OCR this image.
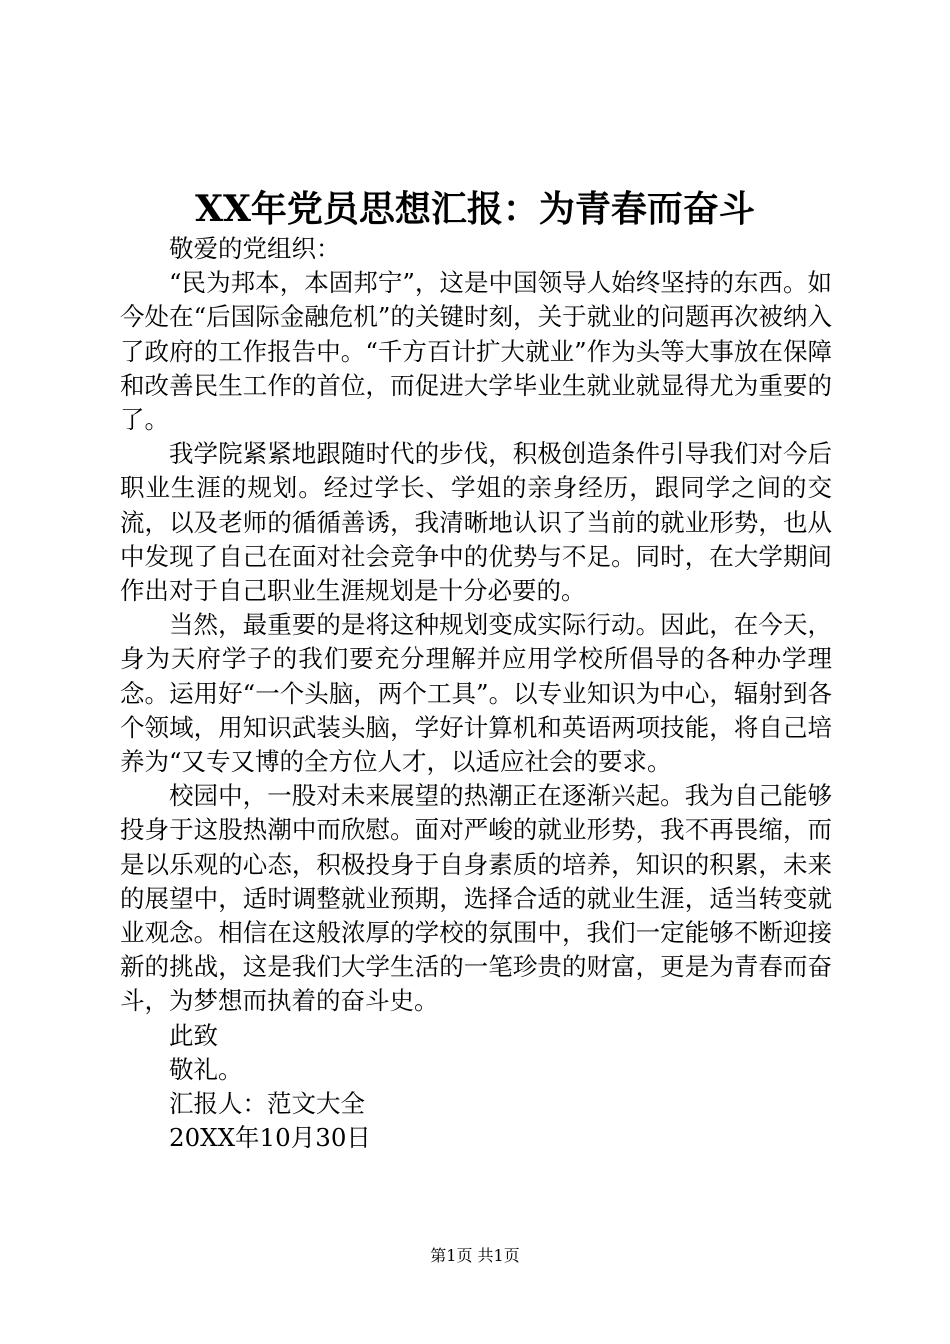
XX年党员思想汇报：为青春而奋斗

敬爱的党组织：

“民为邦本，本固邦宁”，这是中国领导人始终坚持的东西。如今处在“后国际金融危机”的关键时刻，关于就业的问题再次被纳入了政府的工作报告中。“千方百计扩大就业”作为头等大事放在保障和改善民生工作的首位，而促进大学毕业生就业就显得尤为重要的了。

我学院紧紧地跟随时代的步伐，积极创造条件引导我们对今后职业生涯的规划。经过学长、学姐的亲身经历，跟同学之间的交流，以及老师的循循善诱，我清晰地认识了当前的就业形势，也从中发现了自己在面对社会竞争中的优势与不足。同时，在大学期间作出对于自己职业生涯规划是十分必要的。

当然，最重要的是将这种规划变成实际行动。因此，在今天，身为天府学子的我们要充分理解并应用学校所倡导的各种办学理念。运用好“一个头脑，两个工具”。以专业知识为中心，辐射到各个领域，用知识武装头脑，学好计算机和英语两项技能，将自己培养为“又专又博的全方位人才，以适应社会的要求。

校园中，一股对未来展望的热潮正在逐渐兴起。我为自己能够投身于这股热潮中而欣慰。面对严峻的就业形势，我不再畏缩，而是以乐观的心态，积极投身于自身素质的培养，知识的积累，未来的展望中，适时调整就业预期，选择合适的就业生涯，适当转变就业观念。相信在这般浓厚的学校的氛围中，我们一定能够不断迎接新的挑战，这是我们大学生活的一笔珍贵的财富，更是为青春而奋斗，为梦想而执着的奋斗史。

此致

敬礼。

汇报人：范文大全

20XX年10月30日

第1页 共1页
